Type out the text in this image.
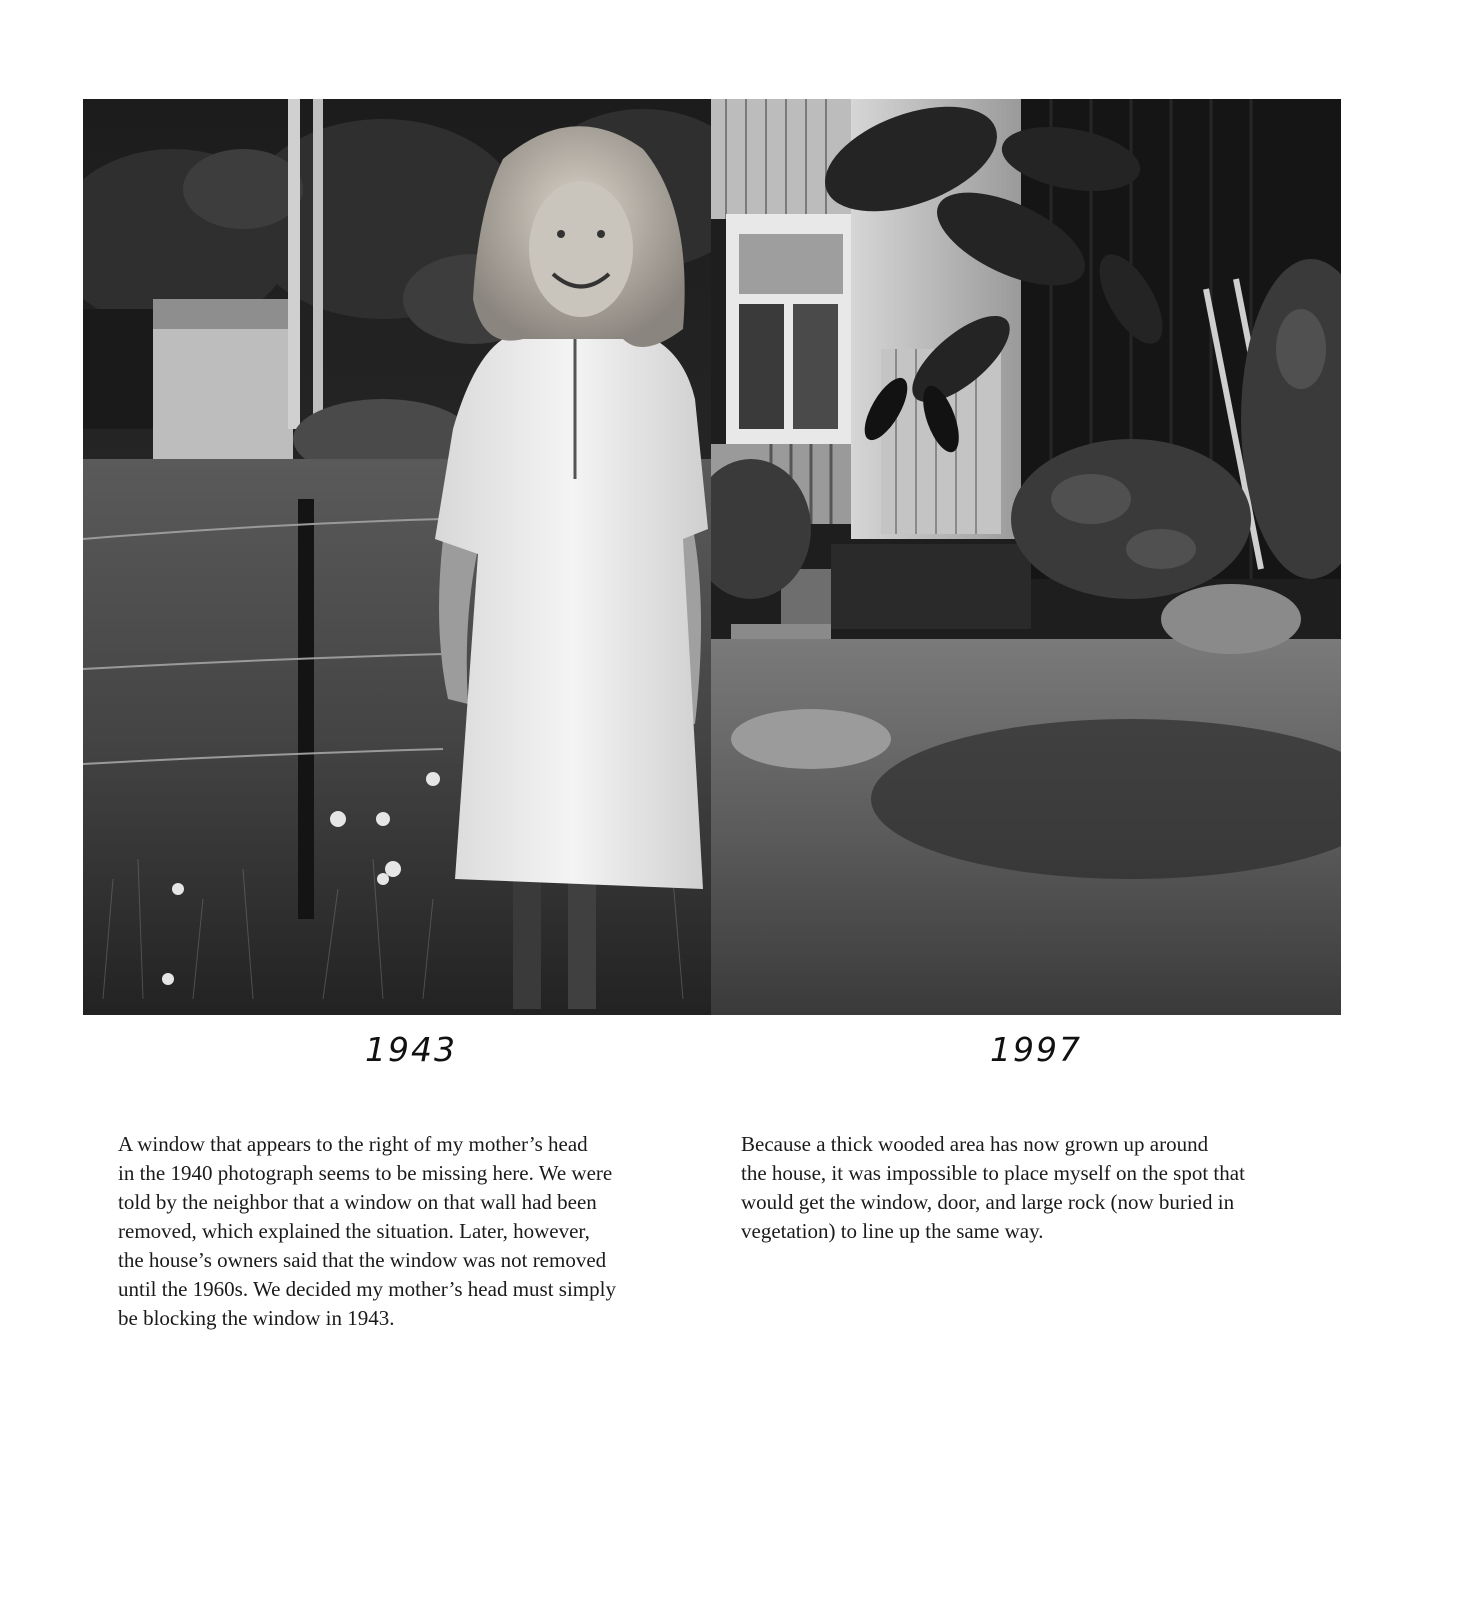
1943	1997
A window that appears to the right of my mother’s head
in the 1940 photograph seems to be missing here. We were
told by the neighbor that a window on that wall had been
removed, which explained the situation. Later, however,
the house’s owners said that the window was not removed
until the 1960s. We decided my mother’s head must simply
be blocking the window in 1943.
Because a thick wooded area has now grown up around
the house, it was impossible to place myself on the spot that
would get the window, door, and large rock (now buried in
vegetation) to line up the same way.
